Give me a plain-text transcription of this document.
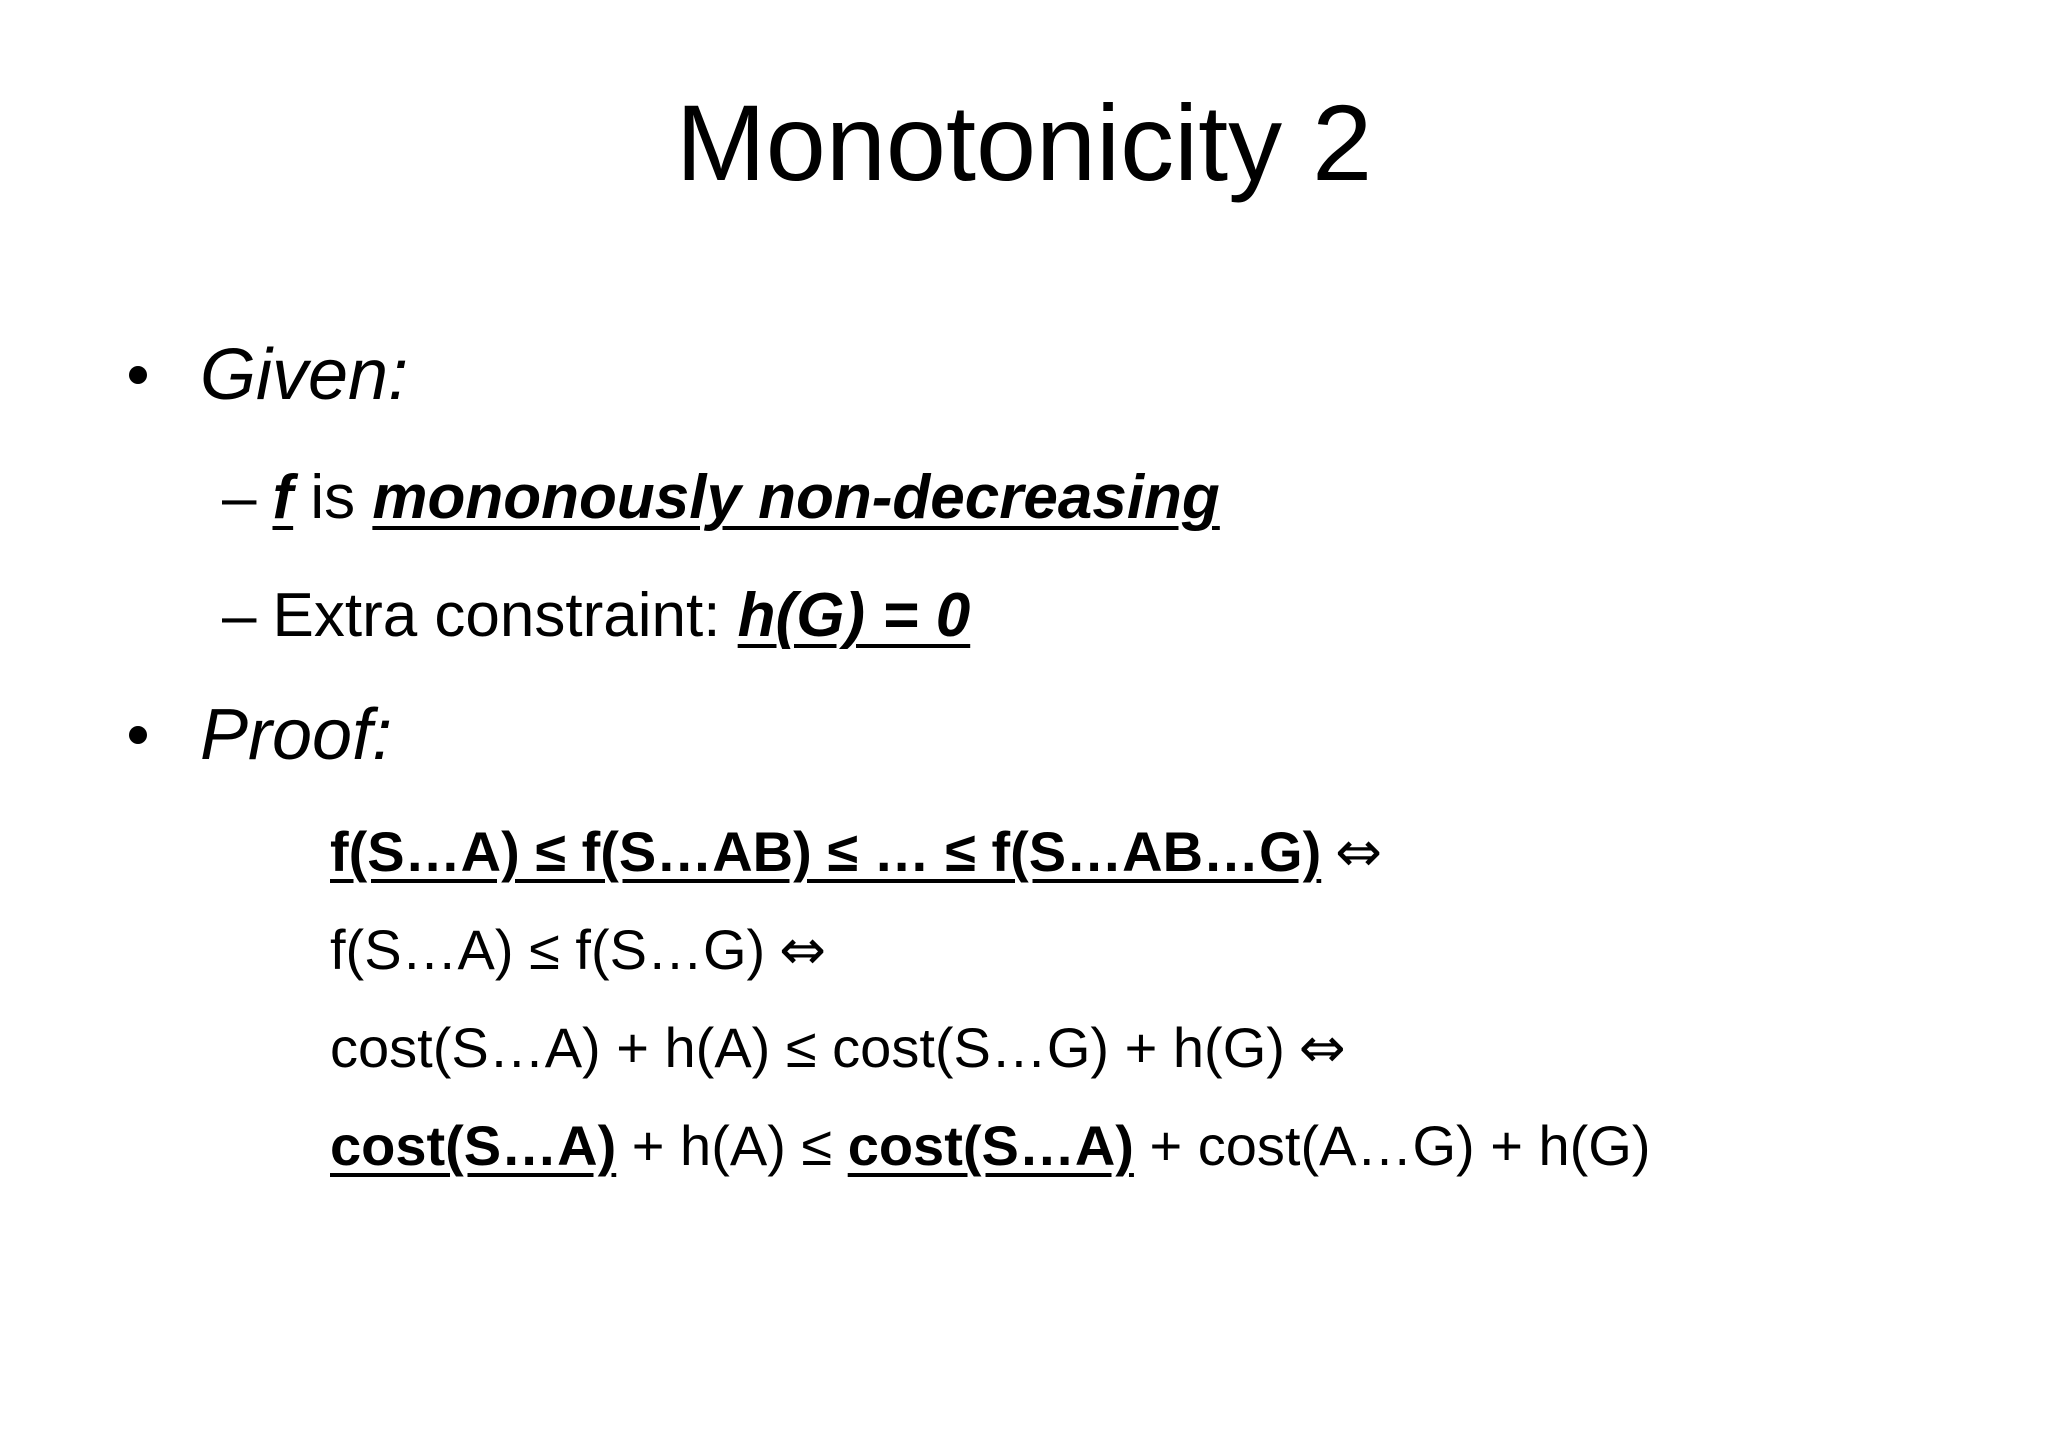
Monotonicity 2
Given:
– f is mononously non-decreasing
– Extra constraint: h(G) = 0
Proof:
f(S…A) ≤ f(S…AB) ≤ … ≤ f(S…AB…G) ⇔
f(S…A) ≤ f(S…G) ⇔
cost(S…A) + h(A) ≤ cost(S…G) + h(G) ⇔
cost(S…A) + h(A) ≤ cost(S…A) + cost(A…G) + h(G)
